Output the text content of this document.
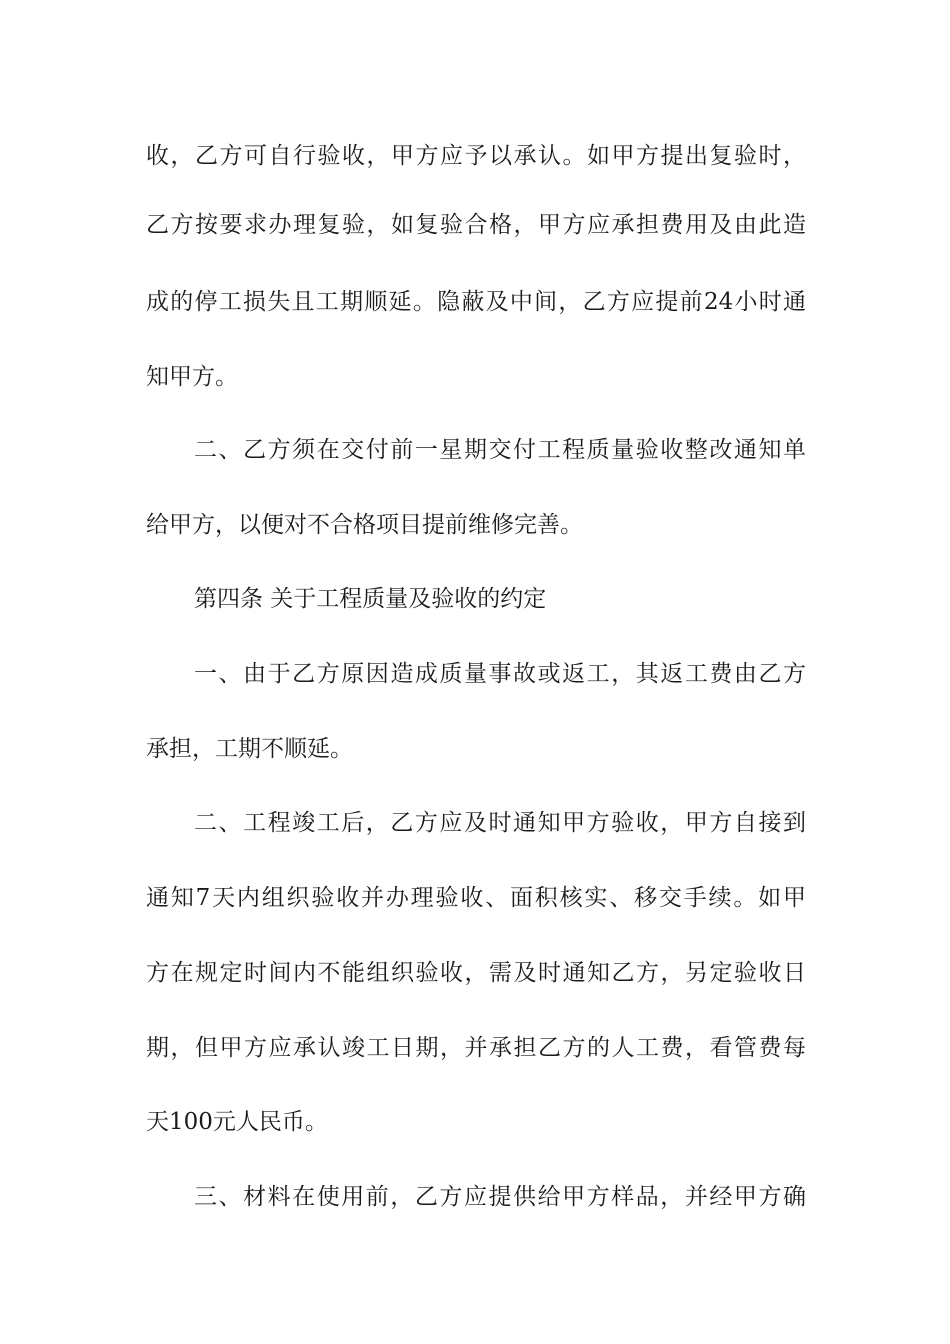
收，乙方可自行验收，甲方应予以承认。如甲方提出复验时，
乙方按要求办理复验，如复验合格，甲方应承担费用及由此造
成的停工损失且工期顺延。隐蔽及中间，乙方应提前24小时通
知甲方。
二、乙方须在交付前一星期交付工程质量验收整改通知单
给甲方，以便对不合格项目提前维修完善。
第四条 关于工程质量及验收的约定
一、由于乙方原因造成质量事故或返工，其返工费由乙方
承担，工期不顺延。
二、工程竣工后，乙方应及时通知甲方验收，甲方自接到
通知7天内组织验收并办理验收、面积核实、移交手续。如甲
方在规定时间内不能组织验收，需及时通知乙方，另定验收日
期，但甲方应承认竣工日期，并承担乙方的人工费，看管费每
天100元人民币。
三、材料在使用前，乙方应提供给甲方样品，并经甲方确
